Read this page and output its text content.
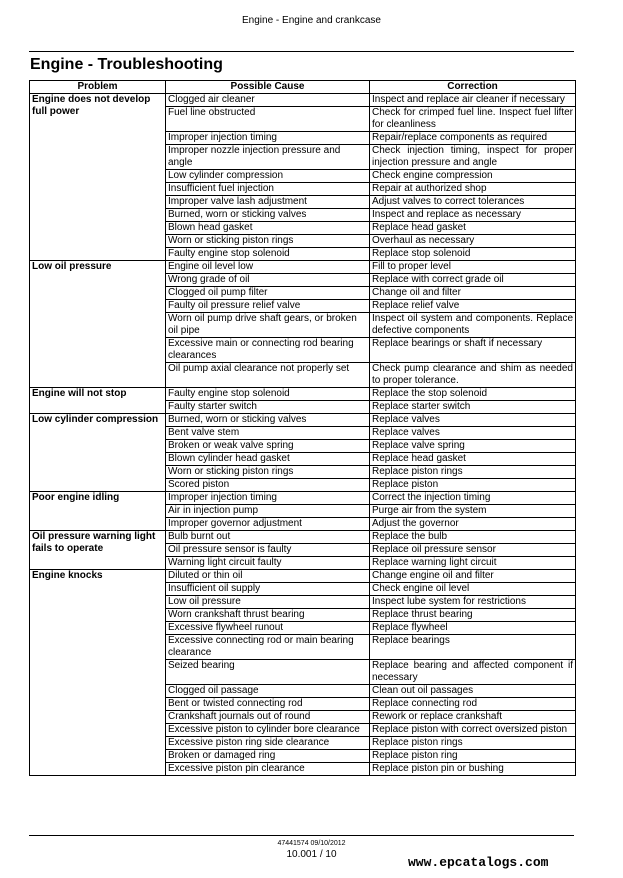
Engine - Engine and crankcase
Engine - Troubleshooting
Problem	Possible Cause	Correction
Engine does not develop full power	Clogged air cleaner	Inspect and replace air cleaner if necessary
	Fuel line obstructed	Check for crimped fuel line. Inspect fuel lifter for cleanliness
	Improper injection timing	Repair/replace components as required
	Improper nozzle injection pressure and angle	Check injection timing, inspect for proper injection pressure and angle
	Low cylinder compression	Check engine compression
	Insufficient fuel injection	Repair at authorized shop
	Improper valve lash adjustment	Adjust valves to correct tolerances
	Burned, worn or sticking valves	Inspect and replace as necessary
	Blown head gasket	Replace head gasket
	Worn or sticking piston rings	Overhaul as necessary
	Faulty engine stop solenoid	Replace stop solenoid
Low oil pressure	Engine oil level low	Fill to proper level
	Wrong grade of oil	Replace with correct grade oil
	Clogged oil pump filter	Change oil and filter
	Faulty oil pressure relief valve	Replace relief valve
	Worn oil pump drive shaft gears, or broken oil pipe	Inspect oil system and components. Replace defective components
	Excessive main or connecting rod bearing clearances	Replace bearings or shaft if necessary
	Oil pump axial clearance not properly set	Check pump clearance and shim as needed to proper tolerance.
Engine will not stop	Faulty engine stop solenoid	Replace the stop solenoid
	Faulty starter switch	Replace starter switch
Low cylinder compression	Burned, worn or sticking valves	Replace valves
	Bent valve stem	Replace valves
	Broken or weak valve spring	Replace valve spring
	Blown cylinder head gasket	Replace head gasket
	Worn or sticking piston rings	Replace piston rings
	Scored piston	Replace piston
Poor engine idling	Improper injection timing	Correct the injection timing
	Air in injection pump	Purge air from the system
	Improper governor adjustment	Adjust the governor
Oil pressure warning light fails to operate	Bulb burnt out	Replace the bulb
	Oil pressure sensor is faulty	Replace oil pressure sensor
	Warning light circuit faulty	Replace warning light circuit
Engine knocks	Diluted or thin oil	Change engine oil and filter
	Insufficient oil supply	Check engine oil level
	Low oil pressure	Inspect lube system for restrictions
	Worn crankshaft thrust bearing	Replace thrust bearing
	Excessive flywheel runout	Replace flywheel
	Excessive connecting rod or main bearing clearance	Replace bearings
	Seized bearing	Replace bearing and affected component if necessary
	Clogged oil passage	Clean out oil passages
	Bent or twisted connecting rod	Replace connecting rod
	Crankshaft journals out of round	Rework or replace crankshaft
	Excessive piston to cylinder bore clearance	Replace piston with correct oversized piston
	Excessive piston ring side clearance	Replace piston rings
	Broken or damaged ring	Replace piston ring
	Excessive piston pin clearance	Replace piston pin or bushing
47441574 09/10/2012
10.001 / 10
www.epcatalogs.com
